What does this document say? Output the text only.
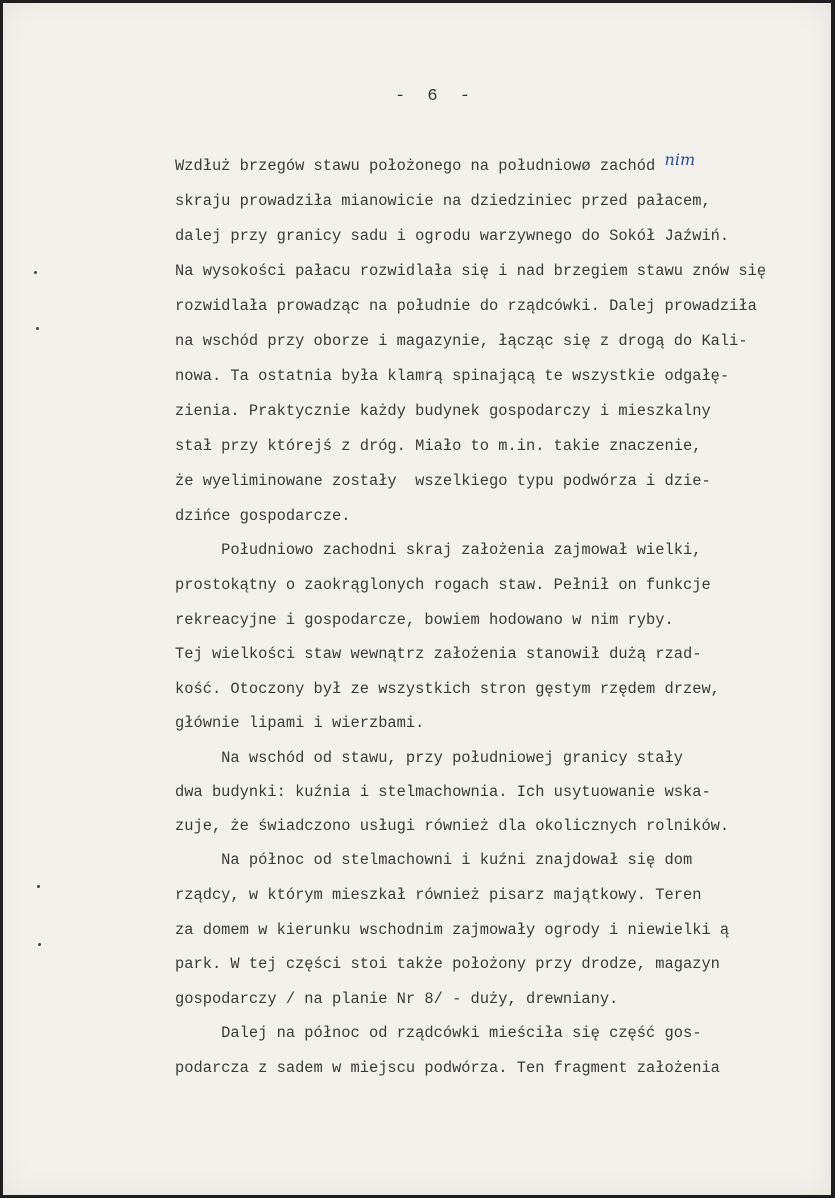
- 6 -
Wzdłuż brzegów stawu położonego na południowø zachód nim
skraju prowadziła mianowicie na dziedziniec przed pałacem,
dalej przy granicy sadu i ogrodu warzywnego do Sokół Jaźwiń.
Na wysokości pałacu rozwidlała się i nad brzegiem stawu znów się
rozwidlała prowadząc na południe do rządcówki. Dalej prowadziła
na wschód przy oborze i magazynie, łącząc się z drogą do Kali-
nowa. Ta ostatnia była klamrą spinającą te wszystkie odgałę-
zienia. Praktycznie każdy budynek gospodarczy i mieszkalny
stał przy którejś z dróg. Miało to m.in. takie znaczenie,
że wyeliminowane zostały  wszelkiego typu podwórza i dzie-
dzińce gospodarcze.
Południowo zachodni skraj założenia zajmował wielki,
prostokątny o zaokrąglonych rogach staw. Pełnił on funkcje
rekreacyjne i gospodarcze, bowiem hodowano w nim ryby.
Tej wielkości staw wewnątrz założenia stanowił dużą rzad-
kość. Otoczony był ze wszystkich stron gęstym rzędem drzew,
głównie lipami i wierzbami.
Na wschód od stawu, przy południowej granicy stały
dwa budynki: kuźnia i stelmachownia. Ich usytuowanie wska-
zuje, że świadczono usługi również dla okolicznych rolników.
Na północ od stelmachowni i kuźni znajdował się dom
rządcy, w którym mieszkał również pisarz majątkowy. Teren
za domem w kierunku wschodnim zajmowały ogrody i niewielki ą
park. W tej części stoi także położony przy drodze, magazyn
gospodarczy / na planie Nr 8/ - duży, drewniany.
Dalej na północ od rządcówki mieściła się część gos-
podarcza z sadem w miejscu podwórza. Ten fragment założenia
